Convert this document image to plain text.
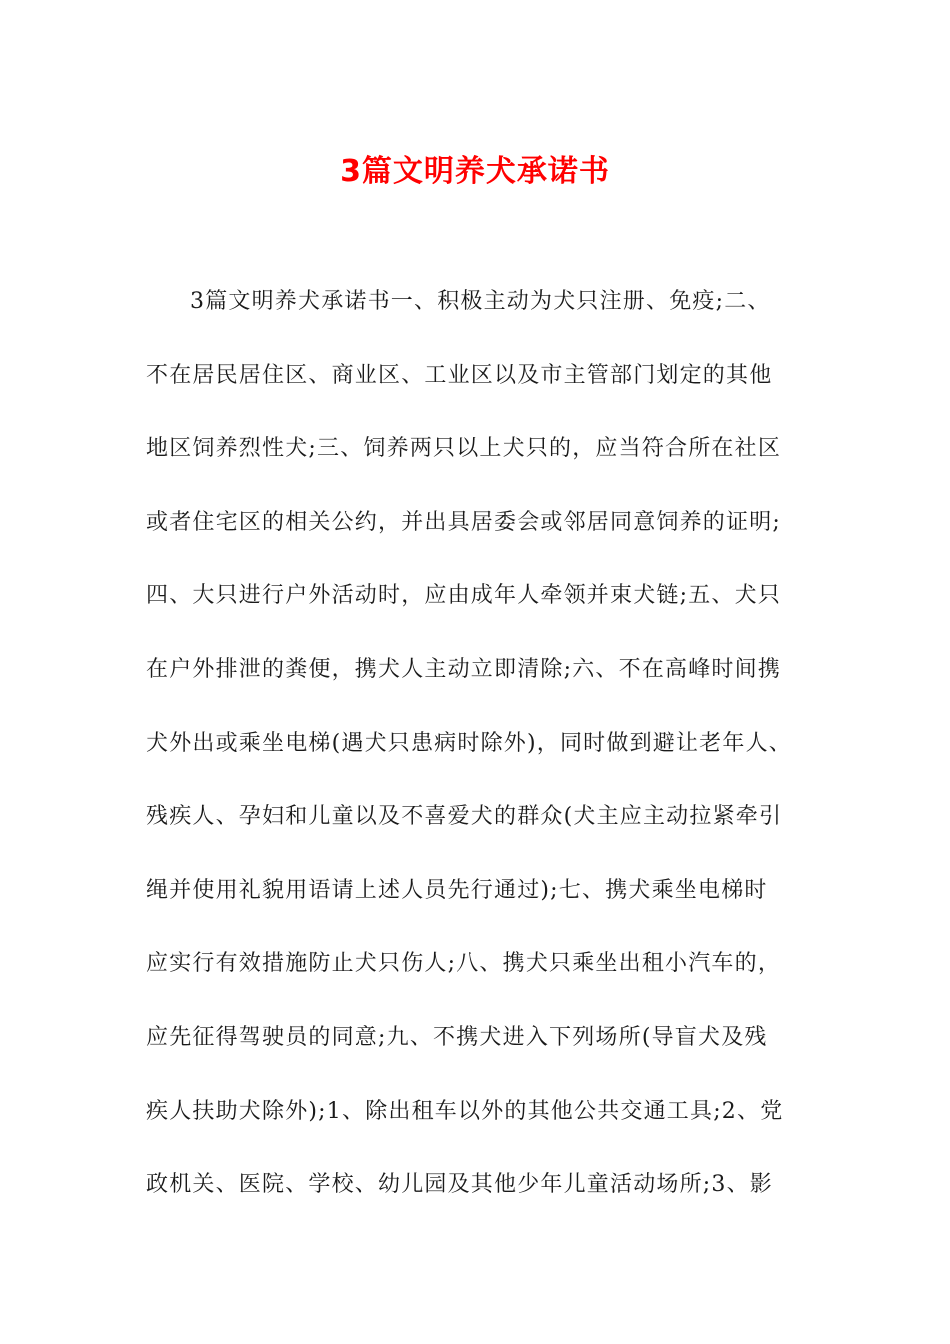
3篇文明养犬承诺书
3篇文明养犬承诺书一、积极主动为犬只注册、免疫;二、
不在居民居住区、商业区、工业区以及市主管部门划定的其他
地区饲养烈性犬;三、饲养两只以上犬只的，应当符合所在社区
或者住宅区的相关公约，并出具居委会或邻居同意饲养的证明;
四、大只进行户外活动时，应由成年人牵领并束犬链;五、犬只
在户外排泄的粪便，携犬人主动立即清除;六、不在高峰时间携
犬外出或乘坐电梯(遇犬只患病时除外)，同时做到避让老年人、
残疾人、孕妇和儿童以及不喜爱犬的群众(犬主应主动拉紧牵引
绳并使用礼貌用语请上述人员先行通过);七、携犬乘坐电梯时
应实行有效措施防止犬只伤人;八、携犬只乘坐出租小汽车的，
应先征得驾驶员的同意;九、不携犬进入下列场所(导盲犬及残
疾人扶助犬除外);1、除出租车以外的其他公共交通工具;2、党
政机关、医院、学校、幼儿园及其他少年儿童活动场所;3、影
